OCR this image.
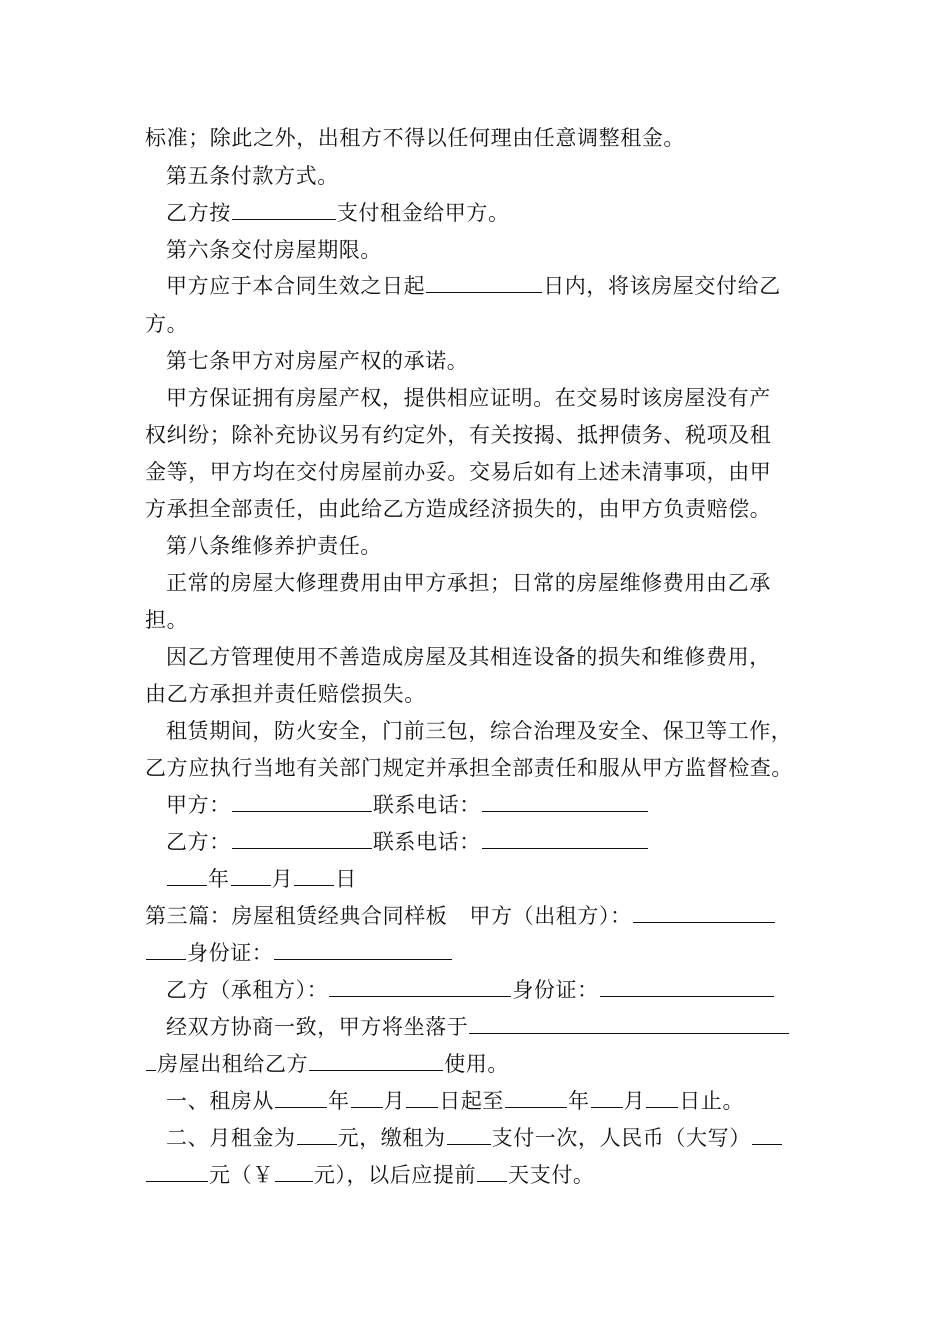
标准；除此之外，出租方不得以任何理由任意调整租金。
第五条付款方式。
乙方按	支付租金给甲方。
第六条交付房屋期限。
甲方应于本合同生效之日起	日内，将该房屋交付给乙
方。
第七条甲方对房屋产权的承诺。
甲方保证拥有房屋产权，提供相应证明。在交易时该房屋没有产
权纠纷；除补充协议另有约定外，有关按揭、抵押债务、税项及租
金等，甲方均在交付房屋前办妥。交易后如有上述未清事项，由甲
方承担全部责任，由此给乙方造成经济损失的，由甲方负责赔偿。
第八条维修养护责任。
正常的房屋大修理费用由甲方承担；日常的房屋维修费用由乙承
担。
因乙方管理使用不善造成房屋及其相连设备的损失和维修费用，
由乙方承担并责任赔偿损失。
租赁期间，防火安全，门前三包，综合治理及安全、保卫等工作，
乙方应执行当地有关部门规定并承担全部责任和服从甲方监督检查。
甲方：	联系电话：
乙方：	联系电话：
年 月 日
第三篇：房屋租赁经典合同样板 甲方（出租方）：
身份证：
乙方（承租方）：	身份证：
经双方协商一致，甲方将坐落于
房屋出租给乙方	使用。
一、租房从	年 月 日起至	年 月 日止。
二、月租金为 元，缴租为 支付一次，人民币（大写）
元（￥ 元），以后应提前 天支付。
